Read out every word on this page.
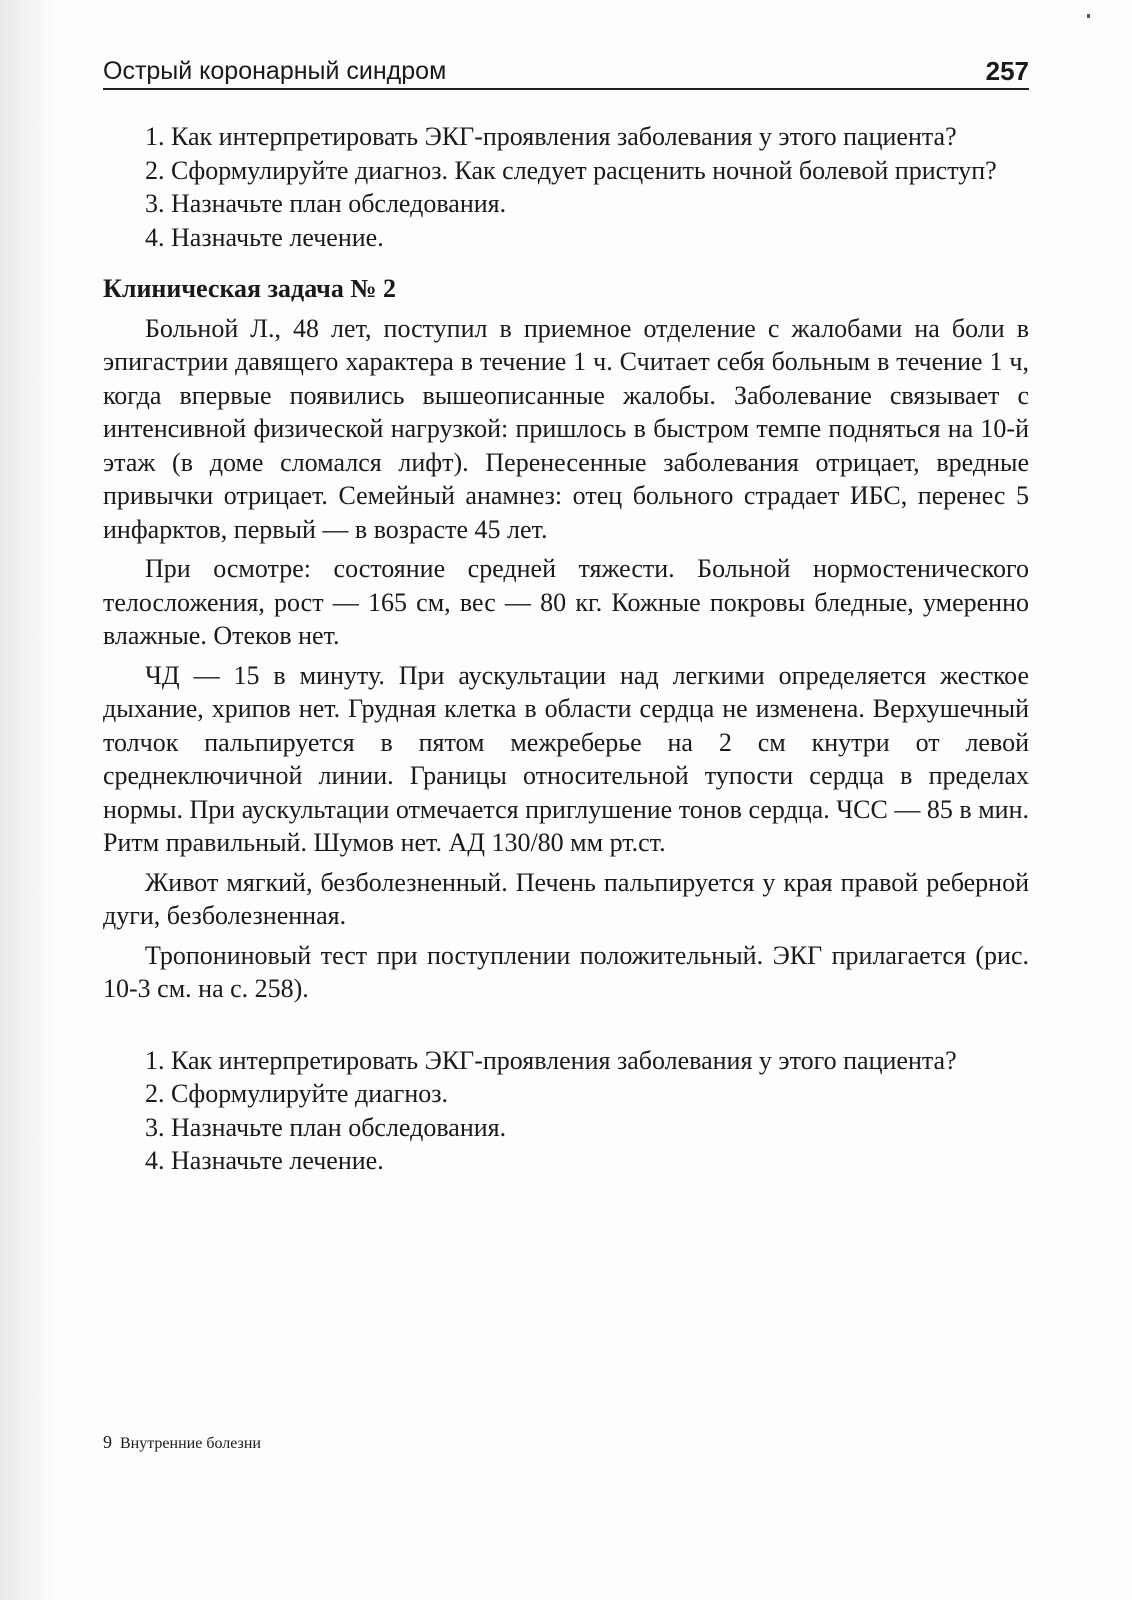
Острый коронарный синдром	257

1. Как интерпретировать ЭКГ-проявления заболевания у этого пациента?

2. Сформулируйте диагноз. Как следует расценить ночной болевой приступ?

3. Назначьте план обследования.

4. Назначьте лечение.

Клиническая задача № 2

Больной Л., 48 лет, поступил в приемное отделение с жалобами на боли в эпигастрии давящего характера в течение 1 ч. Считает себя больным в течение 1 ч, когда впервые появились вышеописанные жалобы. Заболевание связывает с интенсивной физической нагрузкой: пришлось в быстром темпе подняться на 10-й этаж (в доме сломался лифт). Перенесенные заболевания отрицает, вредные привычки отрицает. Семейный анамнез: отец больного страдает ИБС, перенес 5 инфарктов, первый — в возрасте 45 лет.

При осмотре: состояние средней тяжести. Больной нормостенического телосложения, рост — 165 см, вес — 80 кг. Кожные покровы бледные, умеренно влажные. Отеков нет.

ЧД — 15 в минуту. При аускультации над легкими определяется жесткое дыхание, хрипов нет. Грудная клетка в области сердца не изменена. Верхушечный толчок пальпируется в пятом межреберье на 2 см кнутри от левой среднеключичной линии. Границы относительной тупости сердца в пределах нормы. При аускультации отмечается приглушение тонов сердца. ЧСС — 85 в мин. Ритм правильный. Шумов нет. АД 130/80 мм рт.ст.

Живот мягкий, безболезненный. Печень пальпируется у края правой реберной дуги, безболезненная.

Тропониновый тест при поступлении положительный. ЭКГ прилагается (рис. 10-3 см. на с. 258).

1. Как интерпретировать ЭКГ-проявления заболевания у этого пациента?

2. Сформулируйте диагноз.

3. Назначьте план обследования.

4. Назначьте лечение.

9 Внутренние болезни
